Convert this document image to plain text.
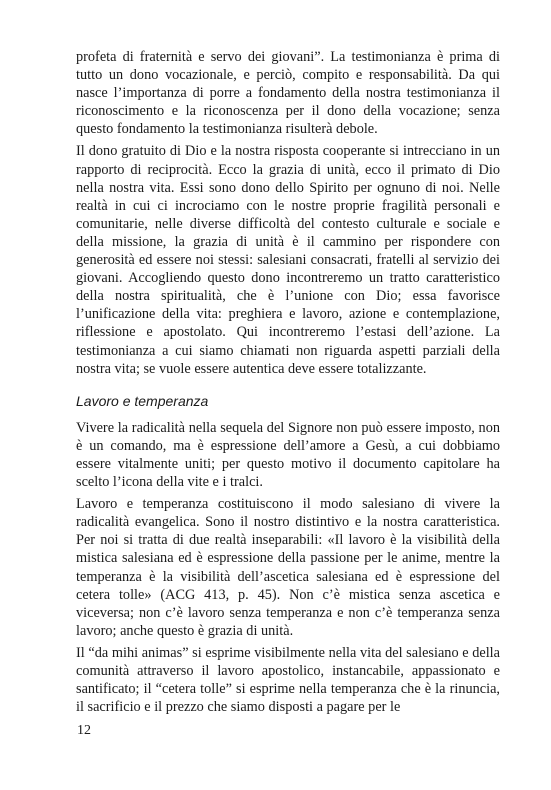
profeta di fraternità e servo dei giovani”. La testimonianza è prima di tutto un dono vocazionale, e perciò, compito e responsabilità. Da qui nasce l’importanza di porre a fondamento della nostra testimonianza il riconoscimento e la riconoscenza per il dono della vocazione; senza questo fondamento la testimonianza risulterà debole.

Il dono gratuito di Dio e la nostra risposta cooperante si intrecciano in un rapporto di reciprocità. Ecco la grazia di unità, ecco il primato di Dio nella nostra vita. Essi sono dono dello Spirito per ognuno di noi. Nelle realtà in cui ci incrociamo con le nostre proprie fragilità personali e comunitarie, nelle diverse difficoltà del contesto culturale e sociale e della missione, la grazia di unità è il cammino per rispondere con generosità ed essere noi stessi: salesiani consacrati, fratelli al servizio dei giovani. Accogliendo questo dono incontreremo un tratto caratteristico della nostra spiritualità, che è l’unione con Dio; essa favorisce l’unificazione della vita: preghiera e lavoro, azione e contemplazione, riflessione e apostolato. Qui incontreremo l’estasi dell’azione. La testimonianza a cui siamo chiamati non riguarda aspetti parziali della nostra vita; se vuole essere autentica deve essere totalizzante.

Lavoro e temperanza

Vivere la radicalità nella sequela del Signore non può essere imposto, non è un comando, ma è espressione dell’amore a Gesù, a cui dobbiamo essere vitalmente uniti; per questo motivo il documento capitolare ha scelto l’icona della vite e i tralci.

Lavoro e temperanza costituiscono il modo salesiano di vivere la radicalità evangelica. Sono il nostro distintivo e la nostra caratteristica. Per noi si tratta di due realtà inseparabili: «Il lavoro è la visibilità della mistica salesiana ed è espressione della passione per le anime, mentre la temperanza è la visibilità dell’ascetica salesiana ed è espressione del cetera tolle» (ACG 413, p. 45). Non c’è mistica senza ascetica e viceversa; non c’è lavoro senza temperanza e non c’è temperanza senza lavoro; anche questo è grazia di unità.

Il “da mihi animas” si esprime visibilmente nella vita del salesiano e della comunità attraverso il lavoro apostolico, instancabile, appassionato e santificato; il “cetera tolle” si esprime nella temperanza che è la rinuncia, il sacrificio e il prezzo che siamo disposti a pagare per le

12
